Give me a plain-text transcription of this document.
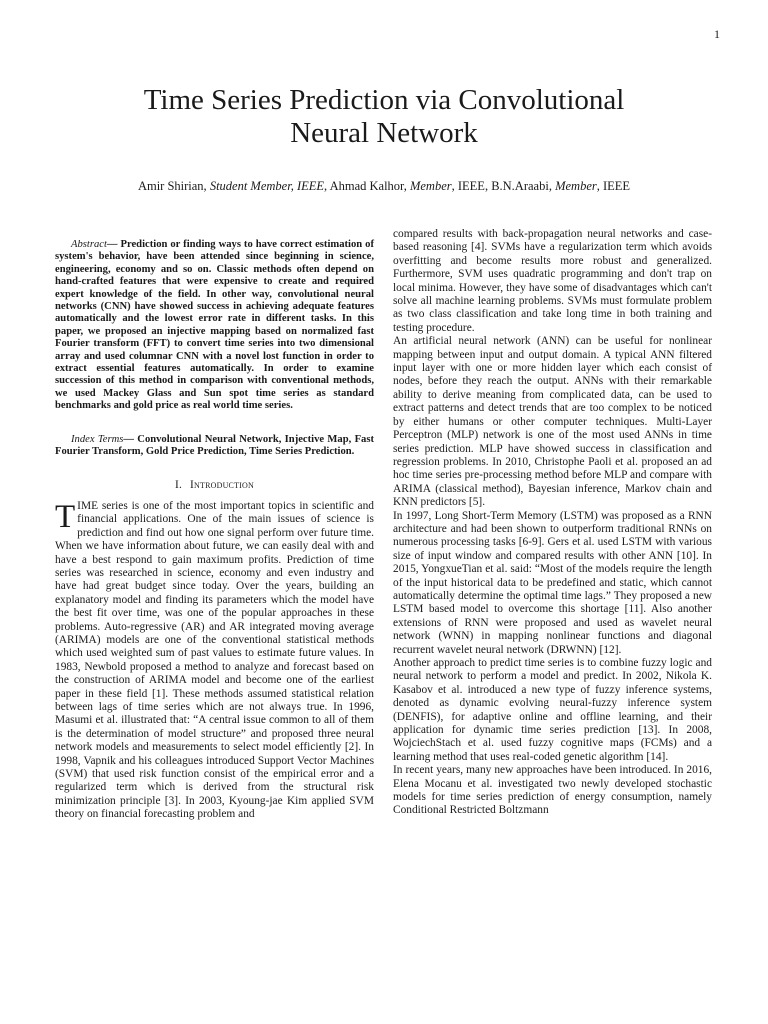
1
Time Series Prediction via Convolutional
Neural Network
Amir Shirian, Student Member, IEEE, Ahmad Kalhor, Member, IEEE, B.N.Araabi, Member, IEEE

Abstract— Prediction or finding ways to have correct estimation of system's behavior, have been attended since beginning in science, engineering, economy and so on. Classic methods often depend on hand-crafted features that were expensive to create and required expert knowledge of the field. In other way, convolutional neural networks (CNN) have showed success in achieving adequate features automatically and the lowest error rate in different tasks. In this paper, we proposed an injective mapping based on normalized fast Fourier transform (FFT) to convert time series into two dimensional array and used columnar CNN with a novel lost function in order to extract essential features automatically. In order to examine succession of this method in comparison with conventional methods, we used Mackey Glass and Sun spot time series as standard benchmarks and gold price as real world time series.

Index Terms— Convolutional Neural Network, Injective Map, Fast Fourier Transform, Gold Price Prediction, Time Series Prediction.

I. Introduction

TIME series is one of the most important topics in scientific and financial applications. One of the main issues of science is prediction and find out how one signal perform over future time. When we have information about future, we can easily deal with and have a best respond to gain maximum profits. Prediction of time series was researched in science, economy and even industry and have had great budget since today. Over the years, building an explanatory model and finding its parameters which the model have the best fit over time, was one of the popular approaches in these problems. Auto-regressive (AR) and AR integrated moving average (ARIMA) models are one of the conventional statistical methods which used weighted sum of past values to estimate future values. In 1983, Newbold proposed a method to analyze and forecast based on the construction of ARIMA model and become one of the earliest paper in these field [1]. These methods assumed statistical relation between lags of time series which are not always true. In 1996, Masumi et al. illustrated that: “A central issue common to all of them is the determination of model structure” and proposed three neural network models and measurements to select model efficiently [2]. In 1998, Vapnik and his colleagues introduced Support Vector Machines (SVM) that used risk function consist of the empirical error and a regularized term which is derived from the structural risk minimization principle [3]. In 2003, Kyoung-jae Kim applied SVM theory on financial forecasting problem and

compared results with back-propagation neural networks and case-based reasoning [4]. SVMs have a regularization term which avoids overfitting and become results more robust and generalized. Furthermore, SVM uses quadratic programming and don't trap on local minima. However, they have some of disadvantages which can't solve all machine learning problems. SVMs must formulate problem as two class classification and take long time in both training and testing procedure.

An artificial neural network (ANN) can be useful for nonlinear mapping between input and output domain. A typical ANN filtered input layer with one or more hidden layer which each consist of nodes, before they reach the output. ANNs with their remarkable ability to derive meaning from complicated data, can be used to extract patterns and detect trends that are too complex to be noticed by either humans or other computer techniques. Multi-Layer Perceptron (MLP) network is one of the most used ANNs in time series prediction. MLP have showed success in classification and regression problems. In 2010, Christophe Paoli et al. proposed an ad hoc time series pre-processing method before MLP and compare with ARIMA (classical method), Bayesian inference, Markov chain and KNN predictors [5].

In 1997, Long Short-Term Memory (LSTM) was proposed as a RNN architecture and had been shown to outperform traditional RNNs on numerous processing tasks [6-9]. Gers et al. used LSTM with various size of input window and compared results with other ANN [10]. In 2015, YongxueTian et al. said: “Most of the models require the length of the input historical data to be predefined and static, which cannot automatically determine the optimal time lags.” They proposed a new LSTM based model to overcome this shortage [11]. Also another extensions of RNN were proposed and used as wavelet neural network (WNN) in mapping nonlinear functions and diagonal recurrent wavelet neural network (DRWNN) [12].

Another approach to predict time series is to combine fuzzy logic and neural network to perform a model and predict. In 2002, Nikola K. Kasabov et al. introduced a new type of fuzzy inference systems, denoted as dynamic evolving neural-fuzzy inference system (DENFIS), for adaptive online and offline learning, and their application for dynamic time series prediction [13]. In 2008, WojciechStach et al. used fuzzy cognitive maps (FCMs) and a learning method that uses real-coded genetic algorithm [14].

In recent years, many new approaches have been introduced. In 2016, Elena Mocanu et al. investigated two newly developed stochastic models for time series prediction of energy consumption, namely Conditional Restricted Boltzmann
